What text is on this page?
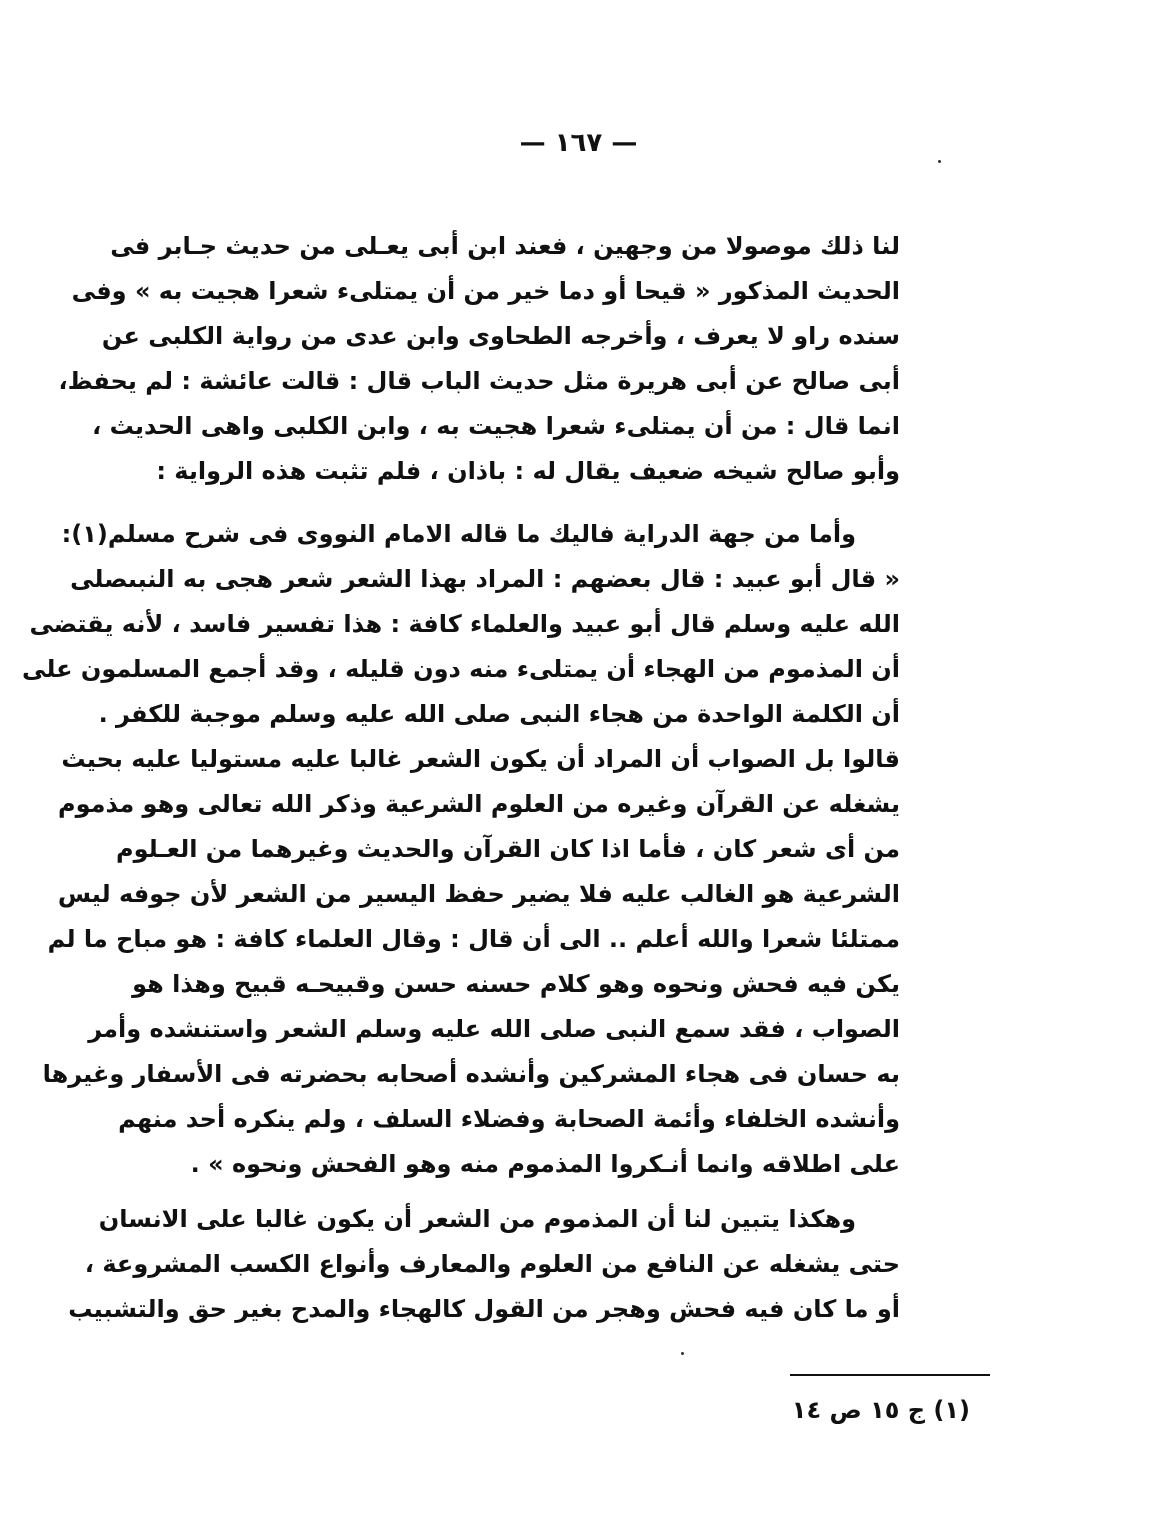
— ١٦٧ —
لنا ذلك موصولا من وجهين ، فعند ابن أبى يعـلى من حديث جـابر فى
الحديث المذكور « قيحا أو دما خير من أن يمتلىء شعرا هجيت به » وفى
سنده راو لا يعرف ، وأخرجه الطحاوى وابن عدى من رواية الكلبى عن
أبى صالح عن أبى هريرة مثل حديث الباب قال : قالت عائشة : لم يحفظ،
انما قال : من أن يمتلىء شعرا هجيت به ، وابن الكلبى واهى الحديث ،
وأبو صالح شيخه ضعيف يقال له : باذان ، فلم تثبت هذه الرواية :
وأما من جهة الدراية فاليك ما قاله الامام النووى فى شرح مسلم(١):
« قال أبو عبيد : قال بعضهم : المراد بهذا الشعر شعر هجى به النبىصلى
الله عليه وسلم قال أبو عبيد والعلماء كافة : هذا تفسير فاسد ، لأنه يقتضى
أن المذموم من الهجاء أن يمتلىء منه دون قليله ، وقد أجمع المسلمون على
أن الكلمة الواحدة من هجاء النبى صلى الله عليه وسلم موجبة للكفر .
قالوا بل الصواب أن المراد أن يكون الشعر غالبا عليه مستوليا عليه بحيث
يشغله عن القرآن وغيره من العلوم الشرعية وذكر الله تعالى وهو مذموم
من أى شعر كان ، فأما اذا كان القرآن والحديث وغيرهما من العـلوم
الشرعية هو الغالب عليه فلا يضير حفظ اليسير من الشعر لأن جوفه ليس
ممتلئا شعرا والله أعلم .. الى أن قال : وقال العلماء كافة : هو مباح ما لم
يكن فيه فحش ونحوه وهو كلام حسنه حسن وقبيحـه قبيح وهذا هو
الصواب ، فقد سمع النبى صلى الله عليه وسلم الشعر واستنشده وأمر
به حسان فى هجاء المشركين وأنشده أصحابه بحضرته فى الأسفار وغيرها
وأنشده الخلفاء وأئمة الصحابة وفضلاء السلف ، ولم ينكره أحد منهم
على اطلاقه وانما أنـكروا المذموم منه وهو الفحش ونحوه » .
وهكذا يتبين لنا أن المذموم من الشعر أن يكون غالبا على الانسان
حتى يشغله عن النافع من العلوم والمعارف وأنواع الكسب المشروعة ،
أو ما كان فيه فحش وهجر من القول كالهجاء والمدح بغير حق والتشبيب
(١) ج ١٥ ص ١٤
